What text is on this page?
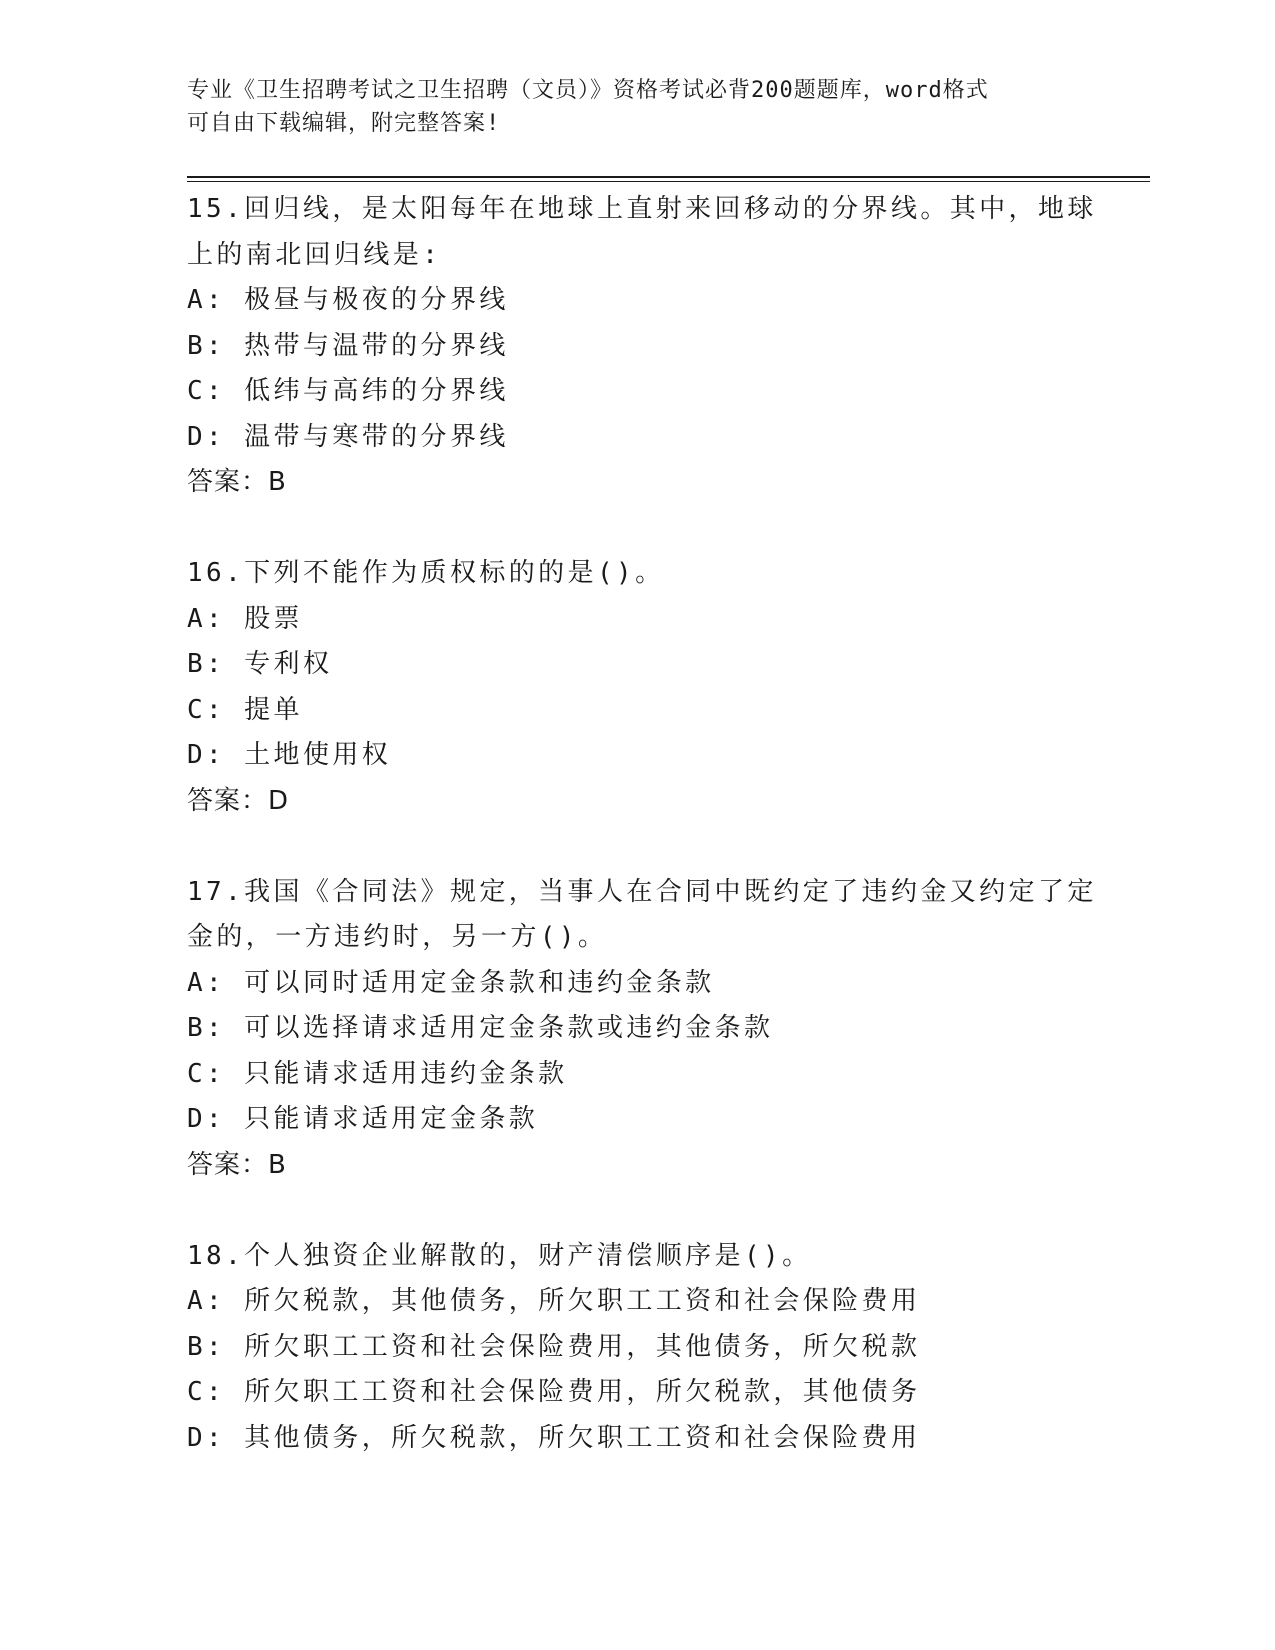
专业《卫生招聘考试之卫生招聘（文员）》资格考试必背200题题库，word格式
可自由下载编辑，附完整答案!
15.回归线，是太阳每年在地球上直射来回移动的分界线。其中，地球
上的南北回归线是:
A: 极昼与极夜的分界线
B: 热带与温带的分界线
C: 低纬与高纬的分界线
D: 温带与寒带的分界线
答案：B
16.下列不能作为质权标的的是()。
A: 股票
B: 专利权
C: 提单
D: 土地使用权
答案：D
17.我国《合同法》规定，当事人在合同中既约定了违约金又约定了定
金的，一方违约时，另一方()。
A: 可以同时适用定金条款和违约金条款
B: 可以选择请求适用定金条款或违约金条款
C: 只能请求适用违约金条款
D: 只能请求适用定金条款
答案：B
18.个人独资企业解散的，财产清偿顺序是()。
A: 所欠税款，其他债务，所欠职工工资和社会保险费用
B: 所欠职工工资和社会保险费用，其他债务，所欠税款
C: 所欠职工工资和社会保险费用，所欠税款，其他债务
D: 其他债务，所欠税款，所欠职工工资和社会保险费用
